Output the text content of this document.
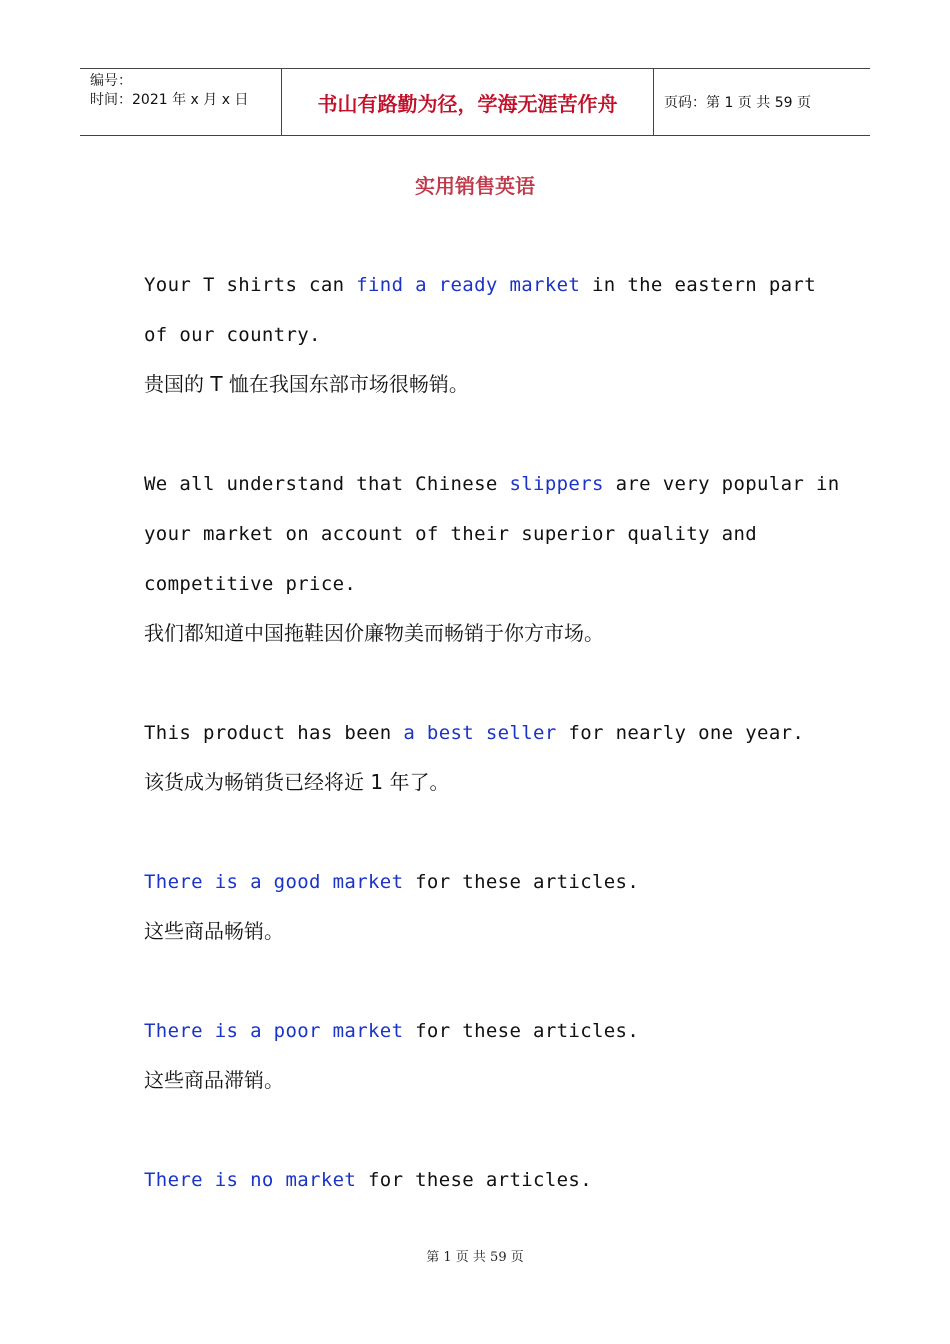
编号：
时间：2021 年 x 月 x 日	书山有路勤为径，学海无涯苦作舟	页码：第 1 页 共 59 页
实用销售英语
Your T shirts can find a ready market in the eastern part
of our country.
贵国的 T 恤在我国东部市场很畅销。
We all understand that Chinese slippers are very popular in
your market on account of their superior quality and
competitive price.
我们都知道中国拖鞋因价廉物美而畅销于你方市场。
This product has been a best seller for nearly one year.
该货成为畅销货已经将近 1 年了。
There is a good market for these articles.
这些商品畅销。
There is a poor market for these articles.
这些商品滞销。
There is no market for these articles.
第 1 页 共 59 页
